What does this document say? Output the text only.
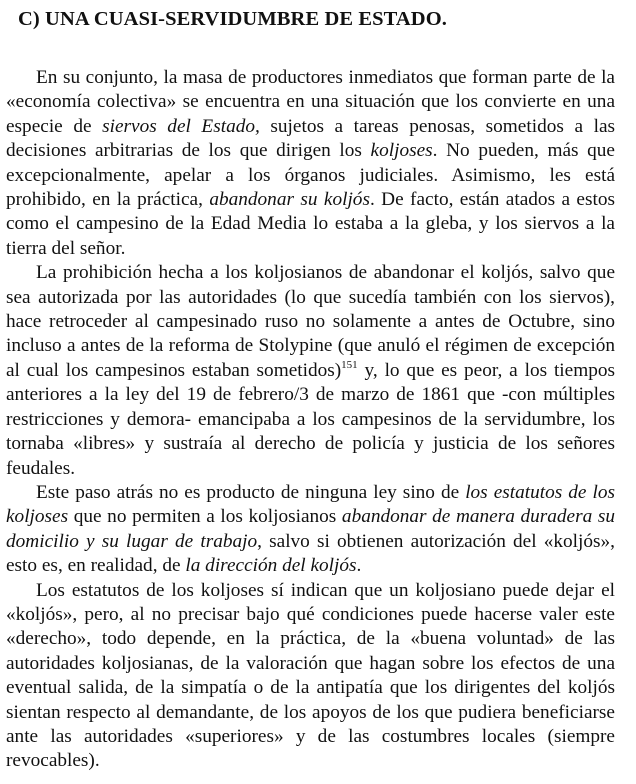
C) UNA CUASI-SERVIDUMBRE DE ESTADO.

En su conjunto, la masa de productores inmediatos que forman parte de la «economía colectiva» se encuentra en una situación que los convierte en una especie de siervos del Estado, sujetos a tareas penosas, sometidos a las decisiones arbitrarias de los que dirigen los koljoses. No pueden, más que excepcionalmente, apelar a los órganos judiciales. Asimismo, les está prohibido, en la práctica, abandonar su koljós. De facto, están atados a estos como el campesino de la Edad Media lo estaba a la gleba, y los siervos a la tierra del señor.

La prohibición hecha a los koljosianos de abandonar el koljós, salvo que sea autorizada por las autoridades (lo que sucedía también con los siervos), hace retroceder al campesinado ruso no solamente a antes de Octubre, sino incluso a antes de la reforma de Stolypine (que anuló el régimen de excepción al cual los campesinos estaban sometidos)$^{151}$ y, lo que es peor, a los tiempos anteriores a la ley del 19 de febrero/3 de marzo de 1861 que -con múltiples restricciones y demora- emancipaba a los campesinos de la servidumbre, los tornaba «libres» y sustraía al derecho de policía y justicia de los señores feudales.

Este paso atrás no es producto de ninguna ley sino de los estatutos de los koljoses que no permiten a los koljosianos abandonar de manera duradera su domicilio y su lugar de trabajo, salvo si obtienen autorización del «koljós», esto es, en realidad, de la dirección del koljós.

Los estatutos de los koljoses sí indican que un koljosiano puede dejar el «koljós», pero, al no precisar bajo qué condiciones puede hacerse valer este «derecho», todo depende, en la práctica, de la «buena voluntad» de las autoridades koljosianas, de la valoración que hagan sobre los efectos de una eventual salida, de la simpatía o de la antipatía que los dirigentes del koljós sientan respecto al demandante, de los apoyos de los que pudiera beneficiarse ante las autoridades «superiores» y de las costumbres locales (siempre revocables).
